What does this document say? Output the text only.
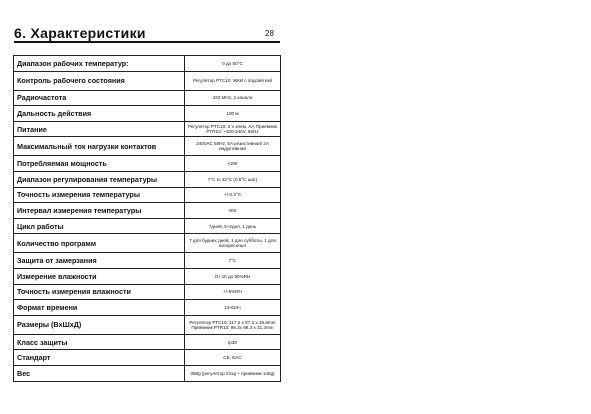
6. Характеристики	28
Диапазон рабочих температур:	0 до 50°С
Контроль рабочего состояния	Регулятор PTC10: ЖКИ с подсветкой
Радиочастота	433 MHz, 2 канала
Дальность действия	100 м
Питание	Регулятор PTC10: 2 х элем. АА Приемник PTR10: ~100-240V, 50Hz
Максимальный ток нагрузки контактов	240VAC 50Hz, 5A резистивная/ 2A индуктивная
Потребляемая мощность	<2W
Диапазон регулирования температуры	7°С to 32°С (0.5°С шаг)
Точность измерения температуры	+/-0.3°С
Интервал измерения температуры	40S
Цикл работы	7дней, 5+2дня, 1 день
Количество программ	7 для будних дней, 1 для субботы, 1 для воскресенья
Защита от замерзания	7°С
Измерение влажности	От 10 до 90%RH
Точность измерения влажности	+/-5%RH
Формат времени	12ч/24ч
Размеры (ВхШхД)	Регулятор PTC10: 117.2 x 87.2 x 26.8mm Приемник PTR10: 98.3x 98.3 x 31.3mm
Класс защиты	Ip30
Стандарт	CE, EAC
Вес	356g (регулятор 211g + приемник 145g)
